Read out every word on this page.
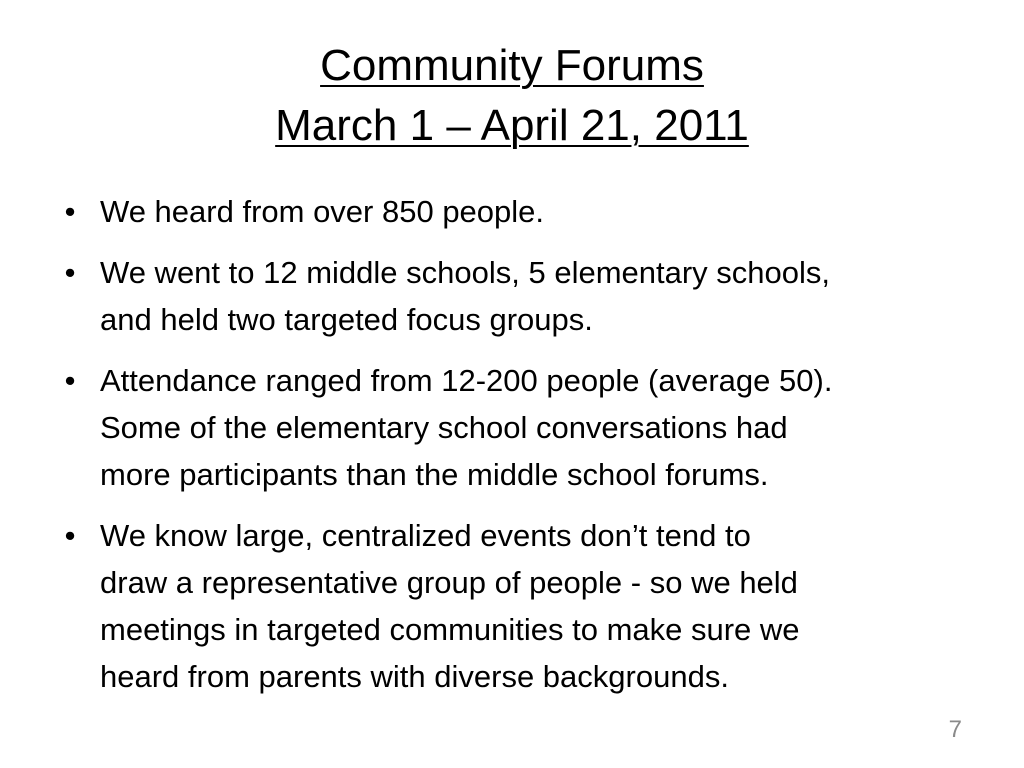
Community Forums
March 1 – April 21, 2011
• We heard from over 850 people.
• We went to 12 middle schools, 5 elementary schools,
and held two targeted focus groups.
• Attendance ranged from 12-200 people (average 50).
Some of the elementary school conversations had
more participants than the middle school forums.
• We know large, centralized events don’t tend to
draw a representative group of people - so we held
meetings in targeted communities to make sure we
heard from parents with diverse backgrounds.
7
